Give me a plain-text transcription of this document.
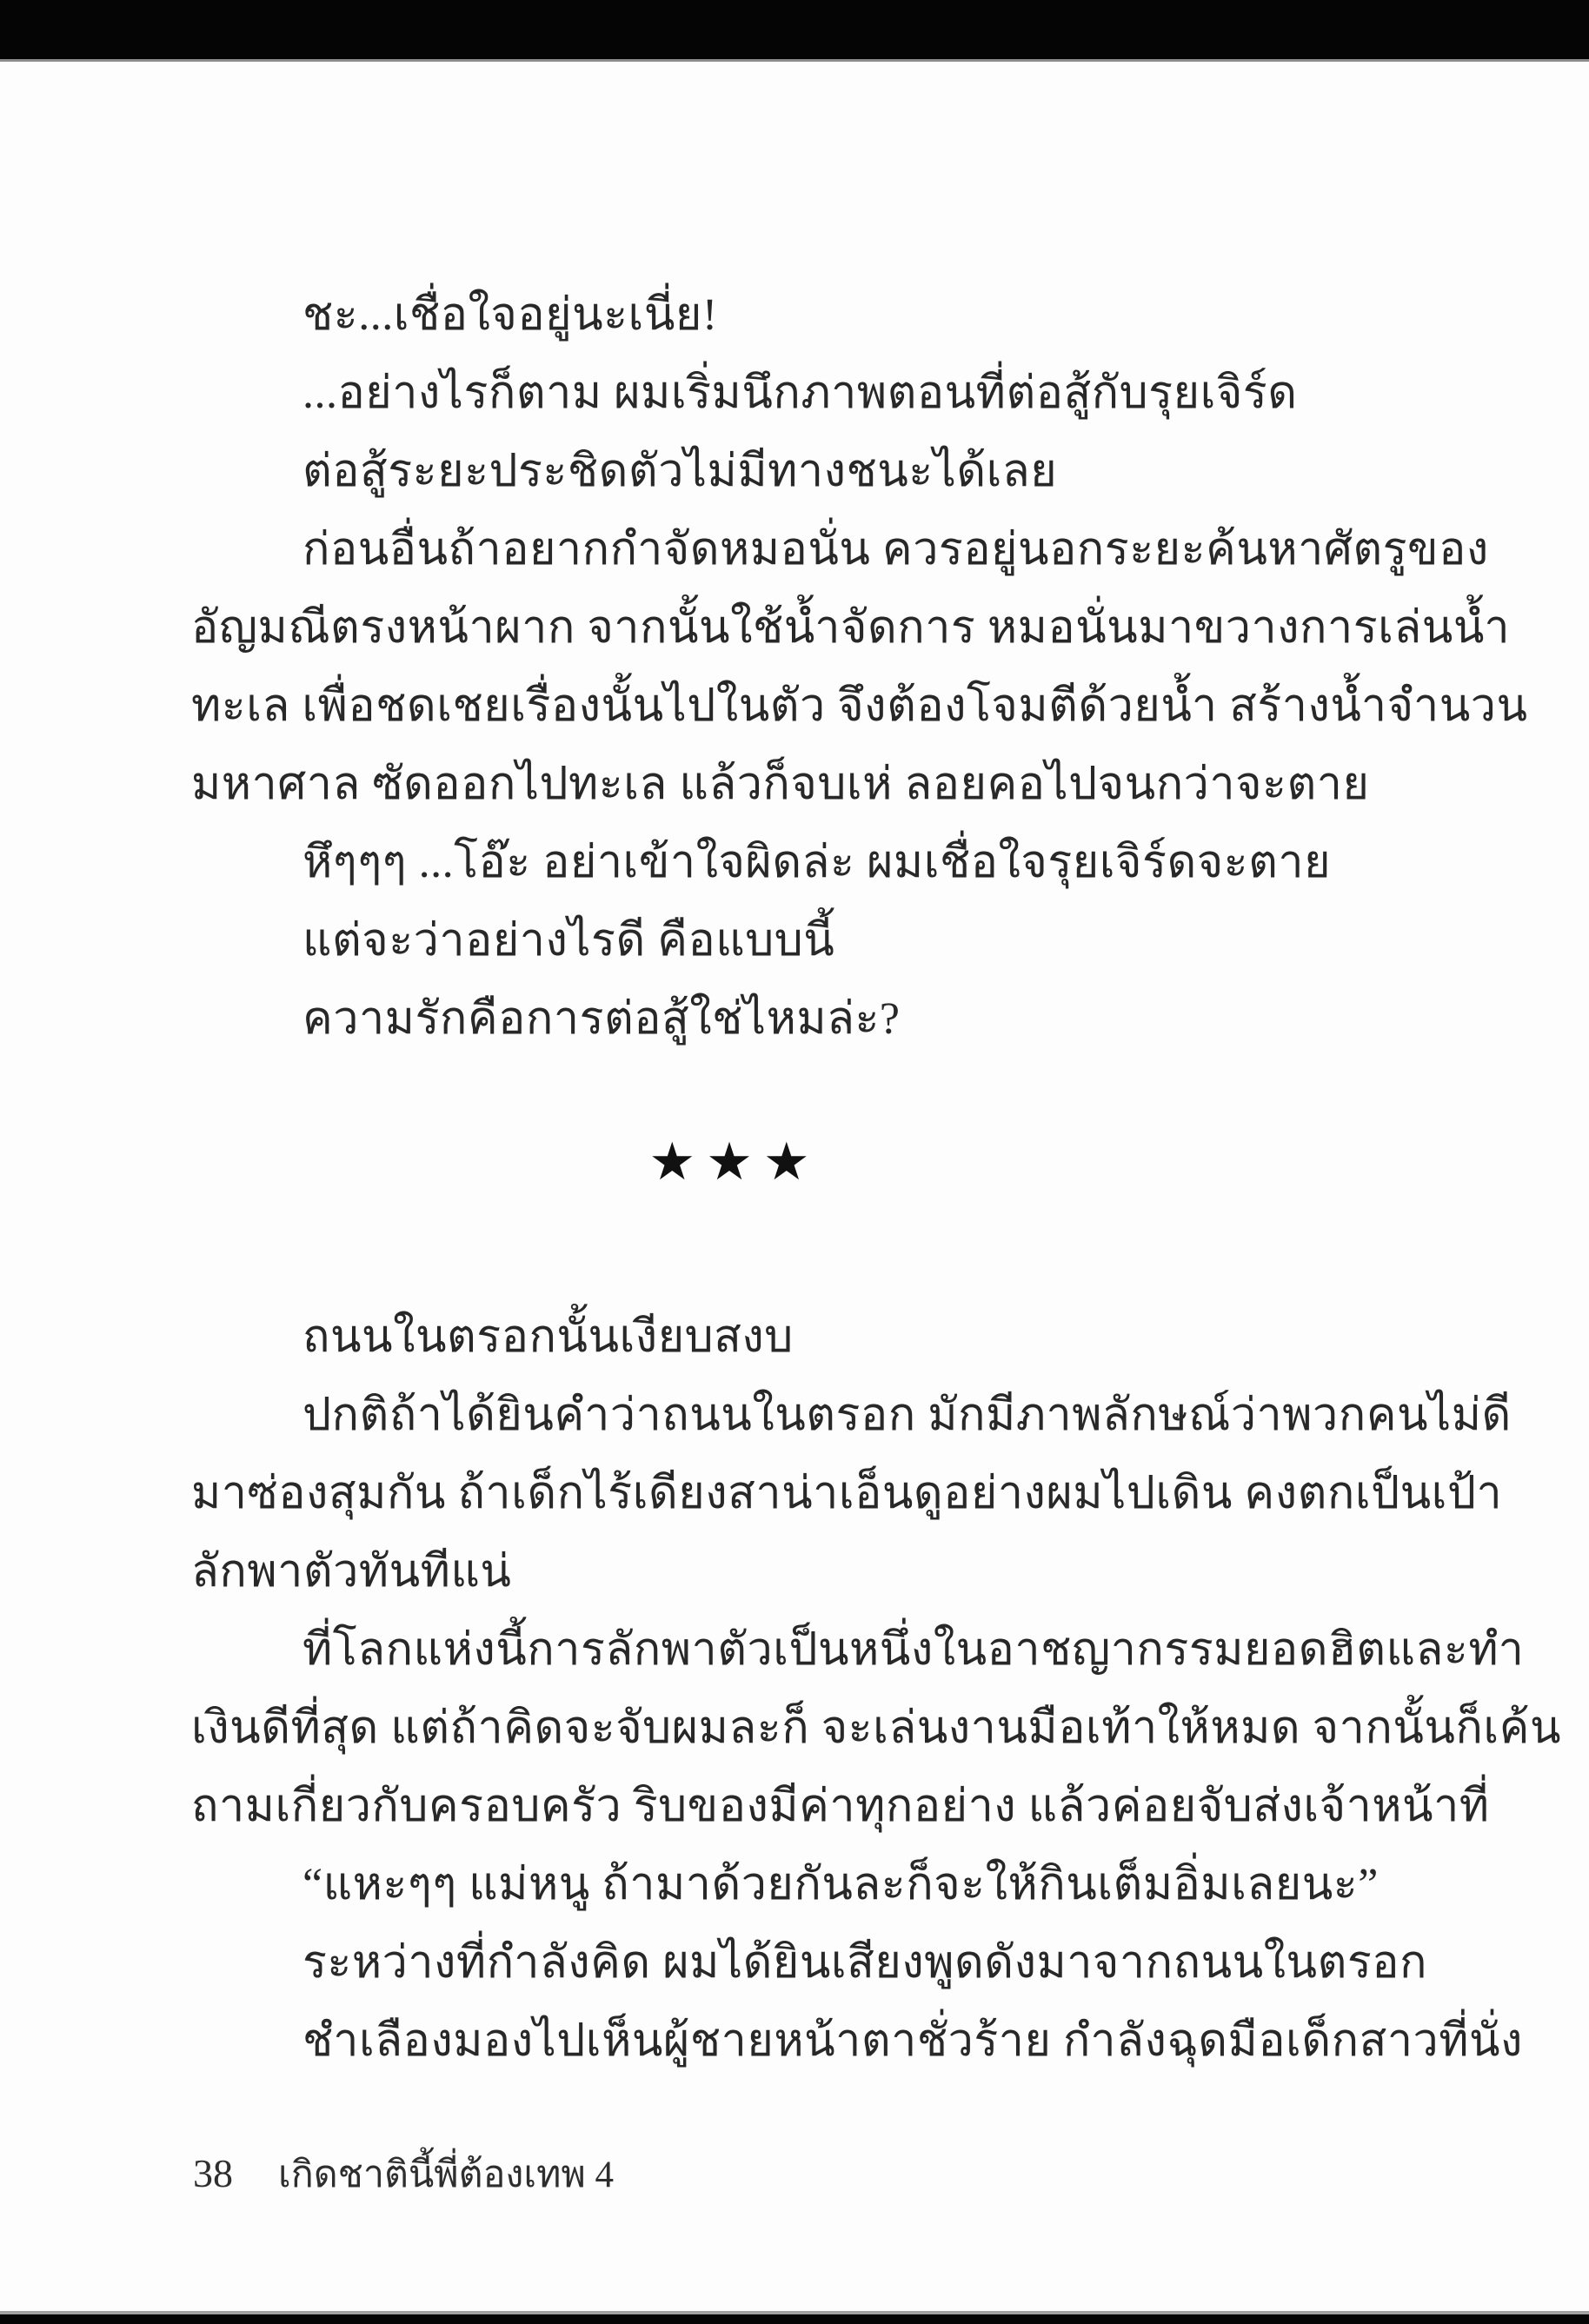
ชะ...เชื่อใจอยู่นะเนี่ย!
...อย่างไรก็ตาม ผมเริ่มนึกภาพตอนที่ต่อสู้กับรุยเจิร์ด
ต่อสู้ระยะประชิดตัวไม่มีทางชนะได้เลย
ก่อนอื่นถ้าอยากกำจัดหมอนั่น ควรอยู่นอกระยะค้นหาศัตรูของ
อัญมณีตรงหน้าผาก จากนั้นใช้น้ำจัดการ หมอนั่นมาขวางการเล่นน้ำ
ทะเล เพื่อชดเชยเรื่องนั้นไปในตัว จึงต้องโจมตีด้วยน้ำ สร้างน้ำจำนวน
มหาศาล ซัดออกไปทะเล แล้วก็จบเห่ ลอยคอไปจนกว่าจะตาย
หึๆๆๆ ...โอ๊ะ อย่าเข้าใจผิดล่ะ ผมเชื่อใจรุยเจิร์ดจะตาย
แต่จะว่าอย่างไรดี คือแบบนี้
ความรักคือการต่อสู้ใช่ไหมล่ะ?
★★★
ถนนในตรอกนั้นเงียบสงบ
ปกติถ้าได้ยินคำว่าถนนในตรอก มักมีภาพลักษณ์ว่าพวกคนไม่ดี
มาซ่องสุมกัน ถ้าเด็กไร้เดียงสาน่าเอ็นดูอย่างผมไปเดิน คงตกเป็นเป้า
ลักพาตัวทันทีแน่
ที่โลกแห่งนี้การลักพาตัวเป็นหนึ่งในอาชญากรรมยอดฮิตและทำ
เงินดีที่สุด แต่ถ้าคิดจะจับผมละก็ จะเล่นงานมือเท้าให้หมด จากนั้นก็เค้น
ถามเกี่ยวกับครอบครัว ริบของมีค่าทุกอย่าง แล้วค่อยจับส่งเจ้าหน้าที่
“แหะๆๆ แม่หนู ถ้ามาด้วยกันละก็จะให้กินเต็มอิ่มเลยนะ”
ระหว่างที่กำลังคิด ผมได้ยินเสียงพูดดังมาจากถนนในตรอก
ชำเลืองมองไปเห็นผู้ชายหน้าตาชั่วร้าย กำลังฉุดมือเด็กสาวที่นั่ง
38 เกิดชาตินี้พี่ต้องเทพ 4
